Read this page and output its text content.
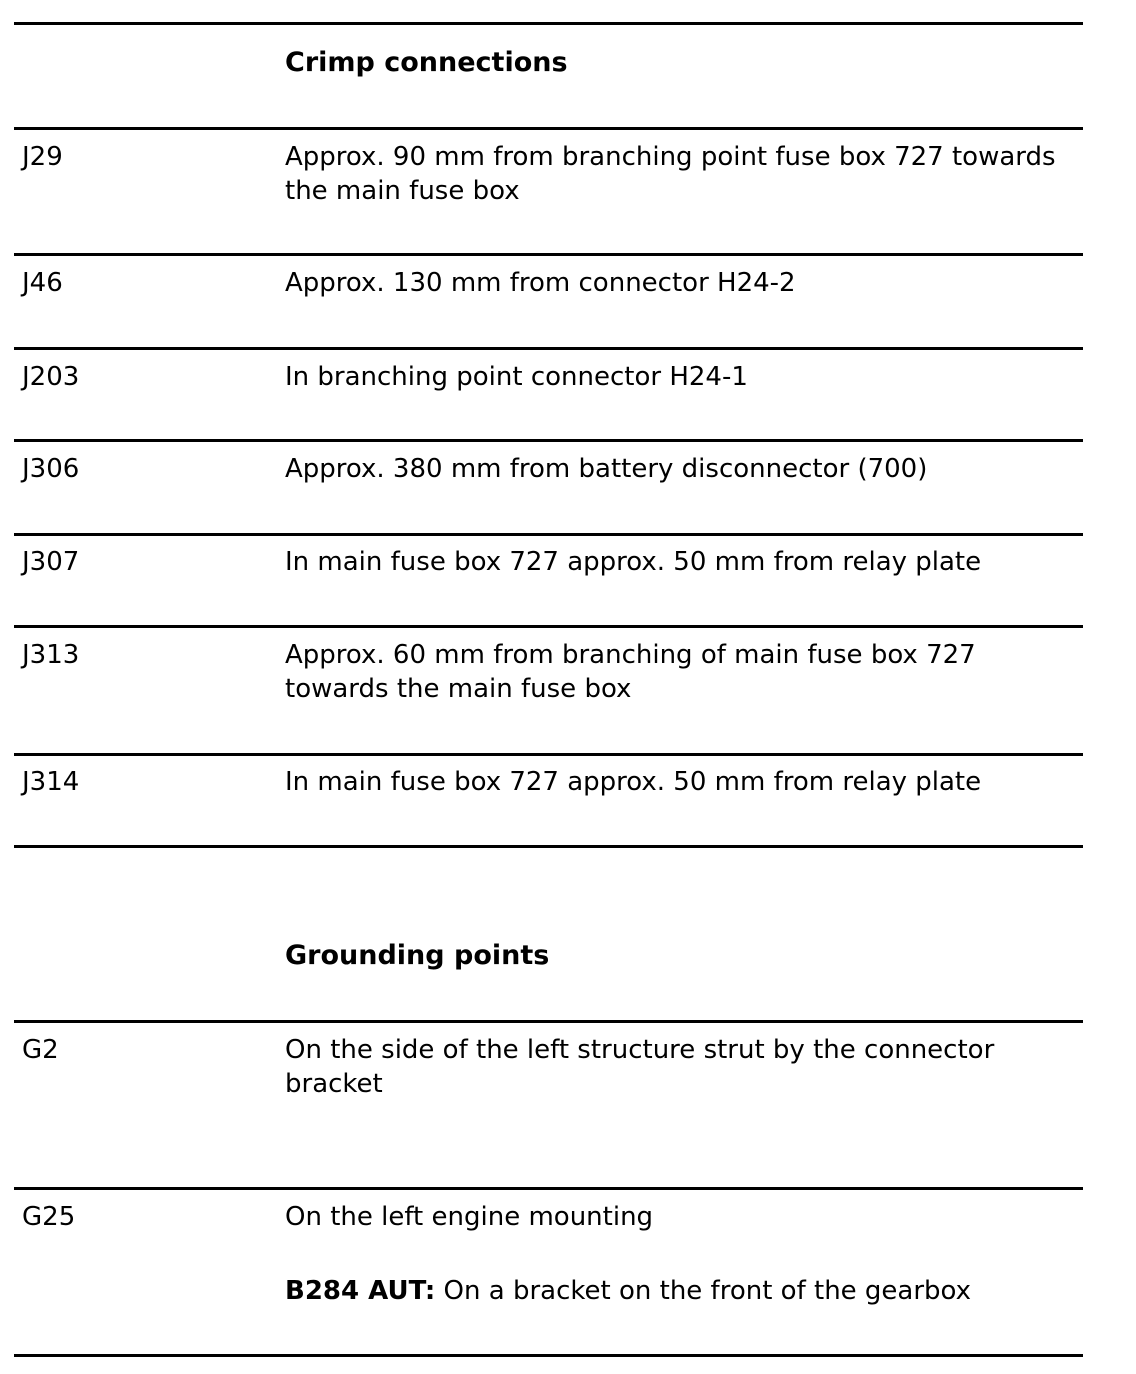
Crimp connections
J29	Approx. 90 mm from branching point fuse box 727 towards the main fuse box
J46	Approx. 130 mm from connector H24-2
J203	In branching point connector H24-1
J306	Approx. 380 mm from battery disconnector (700)
J307	In main fuse box 727 approx. 50 mm from relay plate
J313	Approx. 60 mm from branching of main fuse box 727 towards the main fuse box
J314	In main fuse box 727 approx. 50 mm from relay plate
Grounding points
G2	On the side of the left structure strut by the connector bracket
G25	On the left engine mounting
B284 AUT: On a bracket on the front of the gearbox
